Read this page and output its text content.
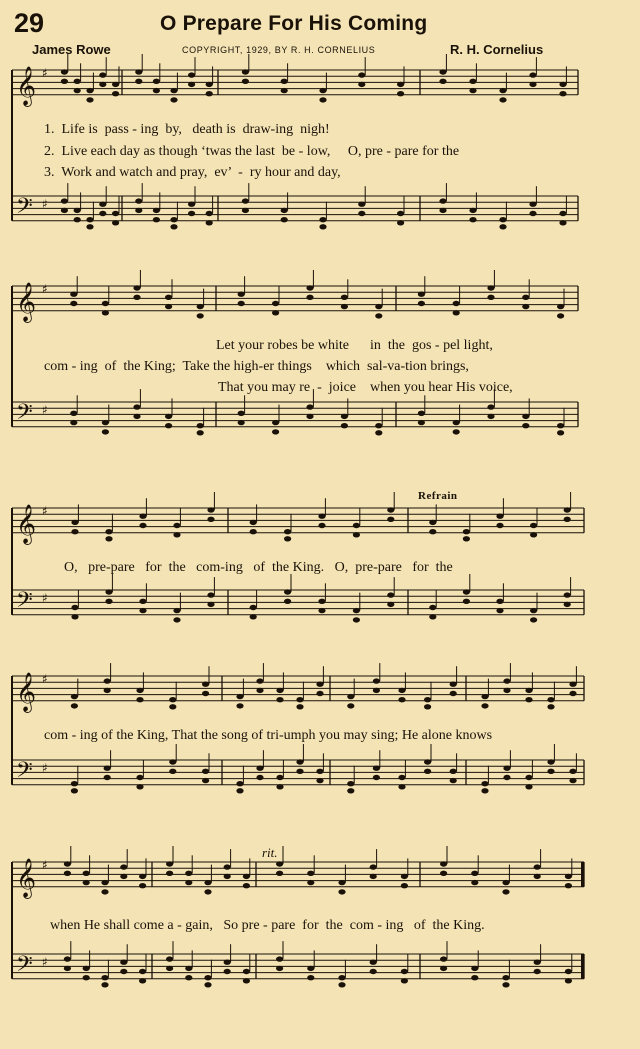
29	O Prepare For His Coming
James Rowe	COPYRIGHT, 1929, BY R. H. CORNELIUS	R. H. Cornelius
𝄞 ♯
𝄢 ♯
𝄞 ♯
𝄢 ♯
𝄞 ♯
𝄢 ♯
𝄞 ♯
𝄢 ♯
𝄞 ♯
𝄢 ♯
1.  Life is  pass - ing  by,   death is  draw-ing  nigh!
2.  Live each day as though ‘twas the last  be - low,     O, pre - pare for the
3.  Work and watch and pray,  ev’  -  ry hour and day,
Let your robes be white      in  the  gos - pel light,
com - ing  of  the King;  Take the high-er things    which  sal-va-tion brings,
That you may re  -  joice    when you hear His voice,
Refrain
O,   pre-pare   for  the   com-ing   of  the King.   O,  pre-pare   for  the
com - ing of the King, That the song of tri-umph you may sing; He alone knows
rit.
when He shall come a - gain,   So pre - pare  for  the  com - ing   of  the King.
